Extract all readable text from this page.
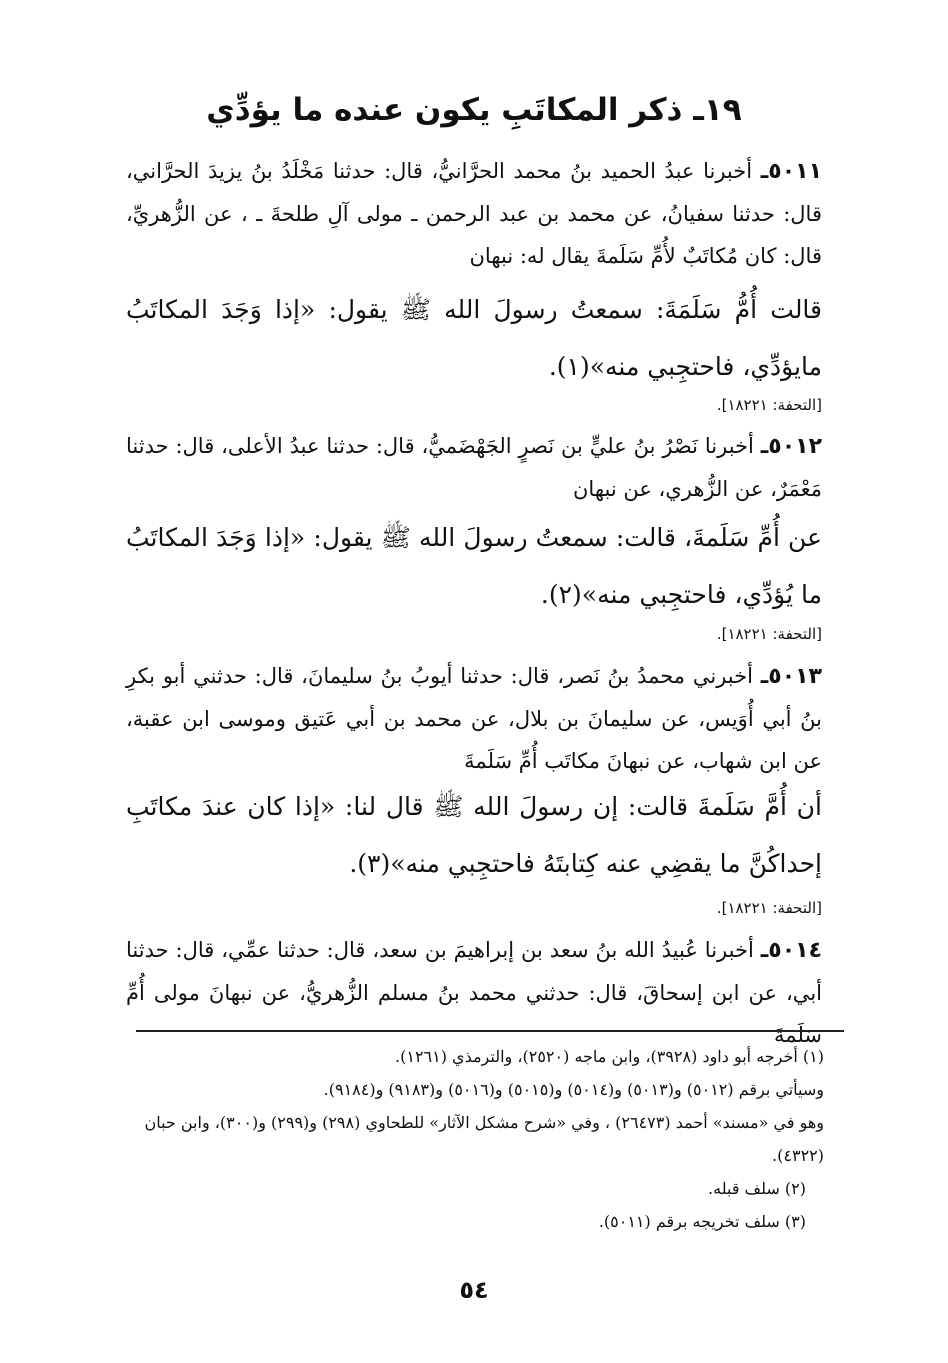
١٩ـ ذكر المكاتَبِ يكون عنده ما يؤدِّي
٥٠١١ـ أخبرنا عبدُ الحميد بنُ محمد الحرَّانيُّ، قال: حدثنا مَخْلَدُ بنُ يزيدَ الحرَّاني، قال: حدثنا سفيانُ، عن محمد بن عبد الرحمن ـ مولى آلِ طلحةَ ـ ، عن الزُّهريِّ، قال: كان مُكاتَبٌ لأُمِّ سَلَمةَ يقال له: نبهان
قالت أُمُّ سَلَمَةَ: سمعتُ رسولَ الله ﷺ يقول: «إذا وَجَدَ المكاتَبُ مايؤدِّي، فاحتجِبي منه»(١).
[التحفة: ١٨٢٢١].
٥٠١٢ـ أخبرنا نَصْرُ بنُ عليٍّ بن نَصرٍ الجَهْضَميُّ، قال: حدثنا عبدُ الأعلى، قال: حدثنا مَعْمَرٌ، عن الزُّهري، عن نبهان
عن أُمِّ سَلَمةَ، قالت: سمعتُ رسولَ الله ﷺ يقول: «إذا وَجَدَ المكاتَبُ ما يُؤدِّي، فاحتجِبي منه»(٢).
[التحفة: ١٨٢٢١].
٥٠١٣ـ أخبرني محمدُ بنُ نَصر، قال: حدثنا أيوبُ بنُ سليمانَ، قال: حدثني أبو بكرِ بنُ أبي أُوَيس، عن سليمانَ بن بلال، عن محمد بن أبي عَتيق وموسى ابن عقبة، عن ابن شهاب، عن نبهانَ مكاتَب أُمِّ سَلَمةَ
أن أُمَّ سَلَمةَ قالت: إن رسولَ الله ﷺ قال لنا: «إذا كان عندَ مكاتَبِ إحداكُنَّ ما يقضِي عنه كِتابتَهُ فاحتجِبي منه»(٣).
[التحفة: ١٨٢٢١].
٥٠١٤ـ أخبرنا عُبيدُ الله بنُ سعد بن إبراهيمَ بن سعد، قال: حدثنا عمِّي، قال: حدثنا أبي، عن ابن إسحاقَ، قال: حدثني محمد بنُ مسلم الزُّهريُّ، عن نبهانَ مولى أُمِّ سَلَمةَ

(١) أخرجه أبو داود (٣٩٢٨)، وابن ماجه (٢٥٢٠)، والترمذي (١٢٦١).

وسيأتي برقم (٥٠١٢) و(٥٠١٣) و(٥٠١٤) و(٥٠١٥) و(٥٠١٦) و(٩١٨٣) و(٩١٨٤).

وهو في «مسند» أحمد (٢٦٤٧٣) ، وفي «شرح مشكل الآثار» للطحاوي (٢٩٨) و(٢٩٩) و(٣٠٠)، وابن حبان (٤٣٢٢).

(٢) سلف قبله.

(٣) سلف تخريجه برقم (٥٠١١).

٥٤
